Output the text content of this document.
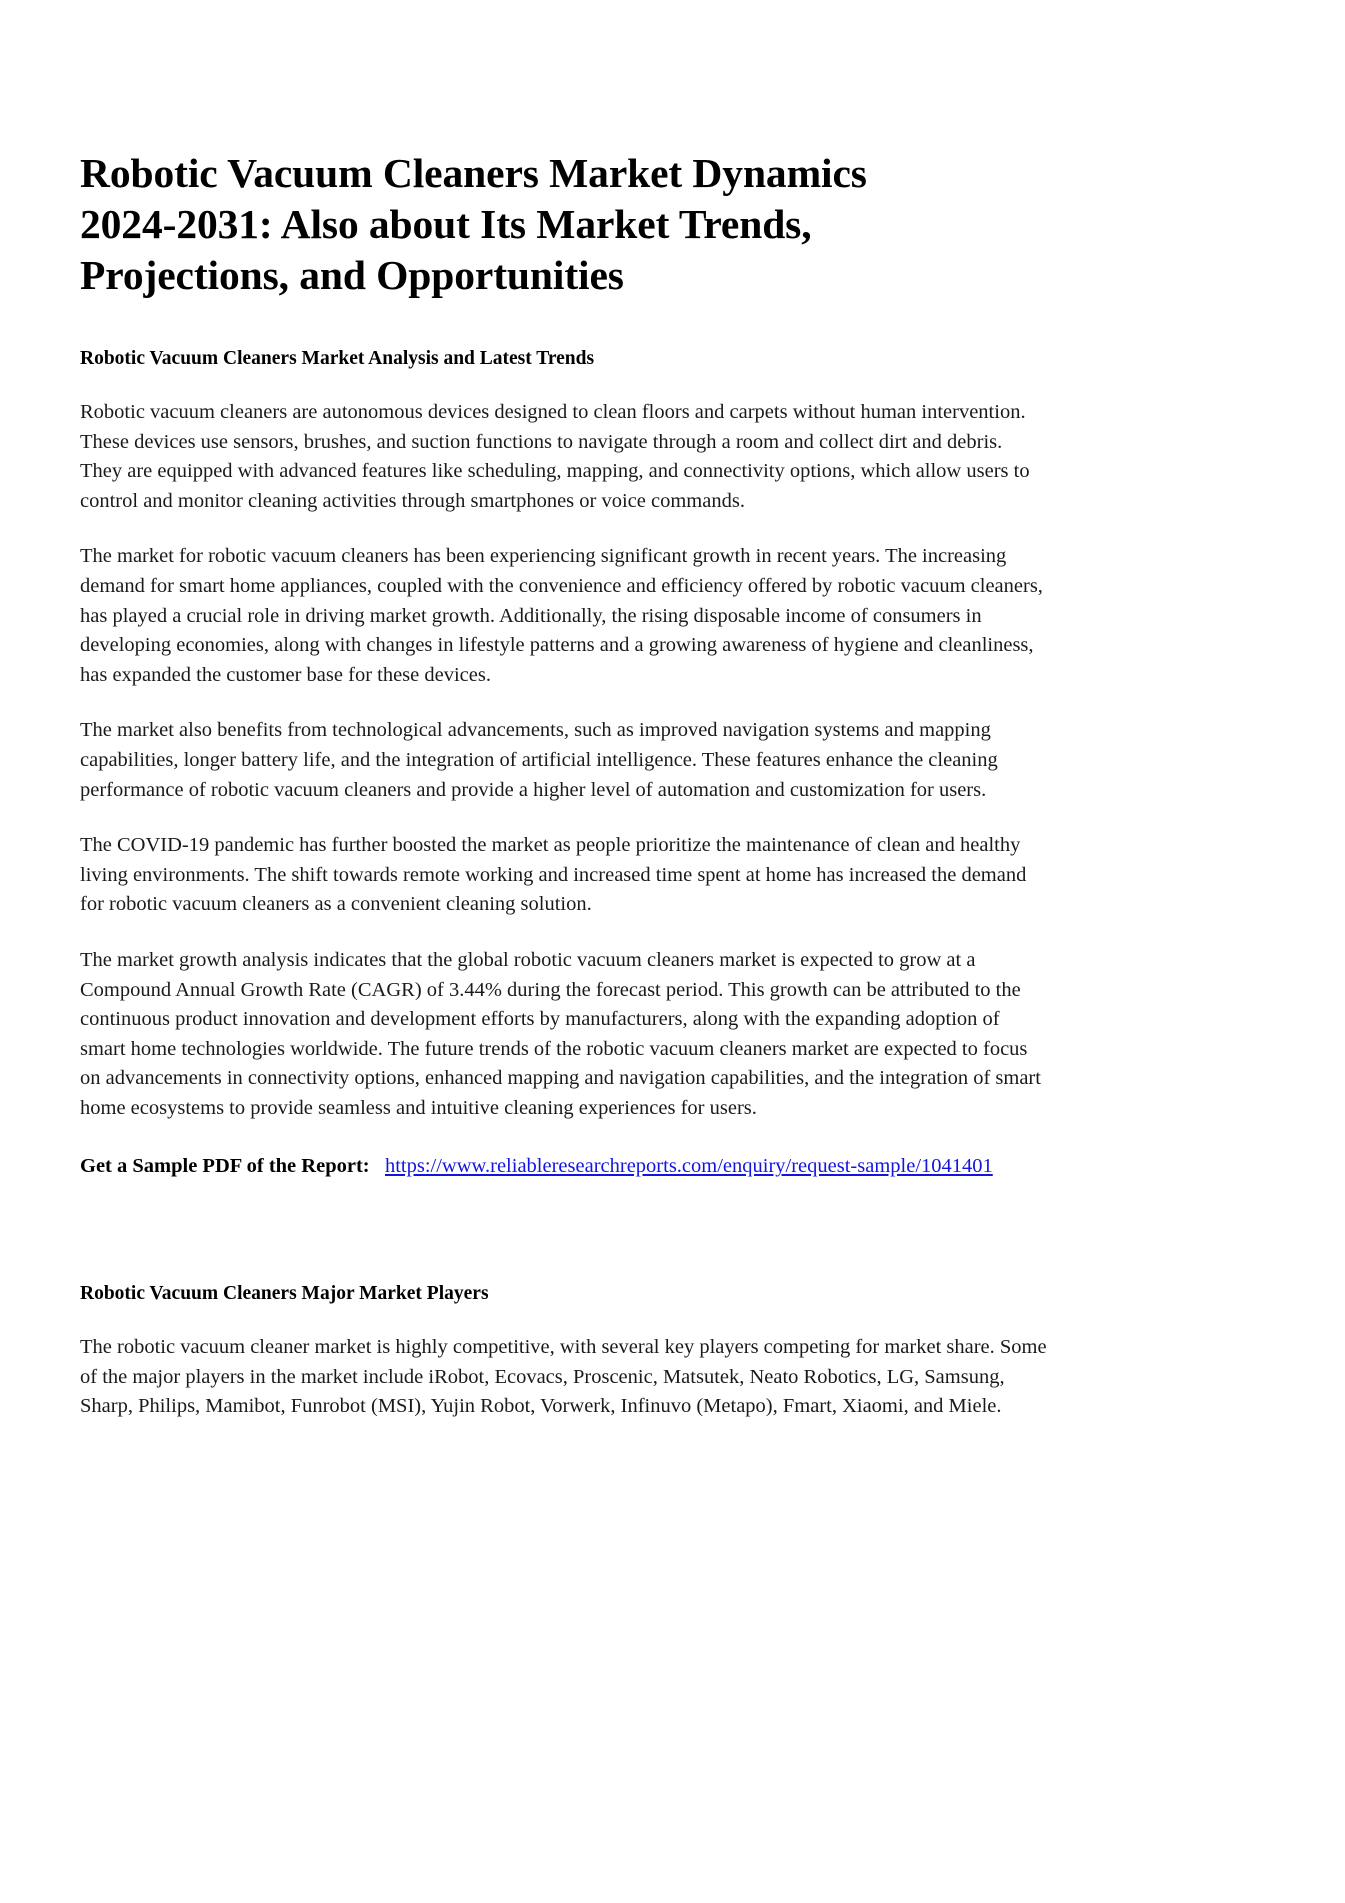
Robotic Vacuum Cleaners Market Dynamics 2024-2031: Also about Its Market Trends, Projections, and Opportunities
Robotic Vacuum Cleaners Market Analysis and Latest Trends

Robotic vacuum cleaners are autonomous devices designed to clean floors and carpets without human intervention. These devices use sensors, brushes, and suction functions to navigate through a room and collect dirt and debris. They are equipped with advanced features like scheduling, mapping, and connectivity options, which allow users to control and monitor cleaning activities through smartphones or voice commands.

The market for robotic vacuum cleaners has been experiencing significant growth in recent years. The increasing demand for smart home appliances, coupled with the convenience and efficiency offered by robotic vacuum cleaners, has played a crucial role in driving market growth. Additionally, the rising disposable income of consumers in developing economies, along with changes in lifestyle patterns and a growing awareness of hygiene and cleanliness, has expanded the customer base for these devices.

The market also benefits from technological advancements, such as improved navigation systems and mapping capabilities, longer battery life, and the integration of artificial intelligence. These features enhance the cleaning performance of robotic vacuum cleaners and provide a higher level of automation and customization for users.

The COVID-19 pandemic has further boosted the market as people prioritize the maintenance of clean and healthy living environments. The shift towards remote working and increased time spent at home has increased the demand for robotic vacuum cleaners as a convenient cleaning solution.

The market growth analysis indicates that the global robotic vacuum cleaners market is expected to grow at a Compound Annual Growth Rate (CAGR) of 3.44% during the forecast period. This growth can be attributed to the continuous product innovation and development efforts by manufacturers, along with the expanding adoption of smart home technologies worldwide. The future trends of the robotic vacuum cleaners market are expected to focus on advancements in connectivity options, enhanced mapping and navigation capabilities, and the integration of smart home ecosystems to provide seamless and intuitive cleaning experiences for users.

Get a Sample PDF of the Report: https://www.reliableresearchreports.com/enquiry/request-sample/1041401

Robotic Vacuum Cleaners Major Market Players

The robotic vacuum cleaner market is highly competitive, with several key players competing for market share. Some of the major players in the market include iRobot, Ecovacs, Proscenic, Matsutek, Neato Robotics, LG, Samsung, Sharp, Philips, Mamibot, Funrobot (MSI), Yujin Robot, Vorwerk, Infinuvo (Metapo), Fmart, Xiaomi, and Miele.
